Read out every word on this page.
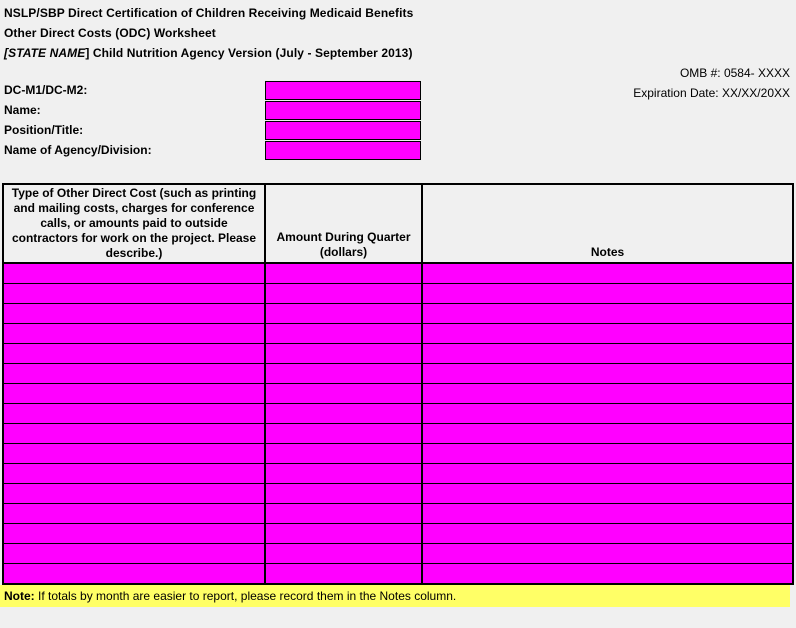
NSLP/SBP Direct Certification of Children Receiving Medicaid Benefits
Other Direct Costs (ODC) Worksheet
[STATE NAME] Child Nutrition Agency Version (July - September 2013)
OMB #: 0584- XXXX
Expiration Date: XX/XX/20XX
DC-M1/DC-M2:
Name:
Position/Title:
Name of Agency/Division:
Type of Other Direct Cost (such as printing and mailing costs, charges for conference calls, or amounts paid to outside contractors for work on the project. Please describe.)
Amount During Quarter (dollars)	Notes
Note: If totals by month are easier to report, please record them in the Notes column.
